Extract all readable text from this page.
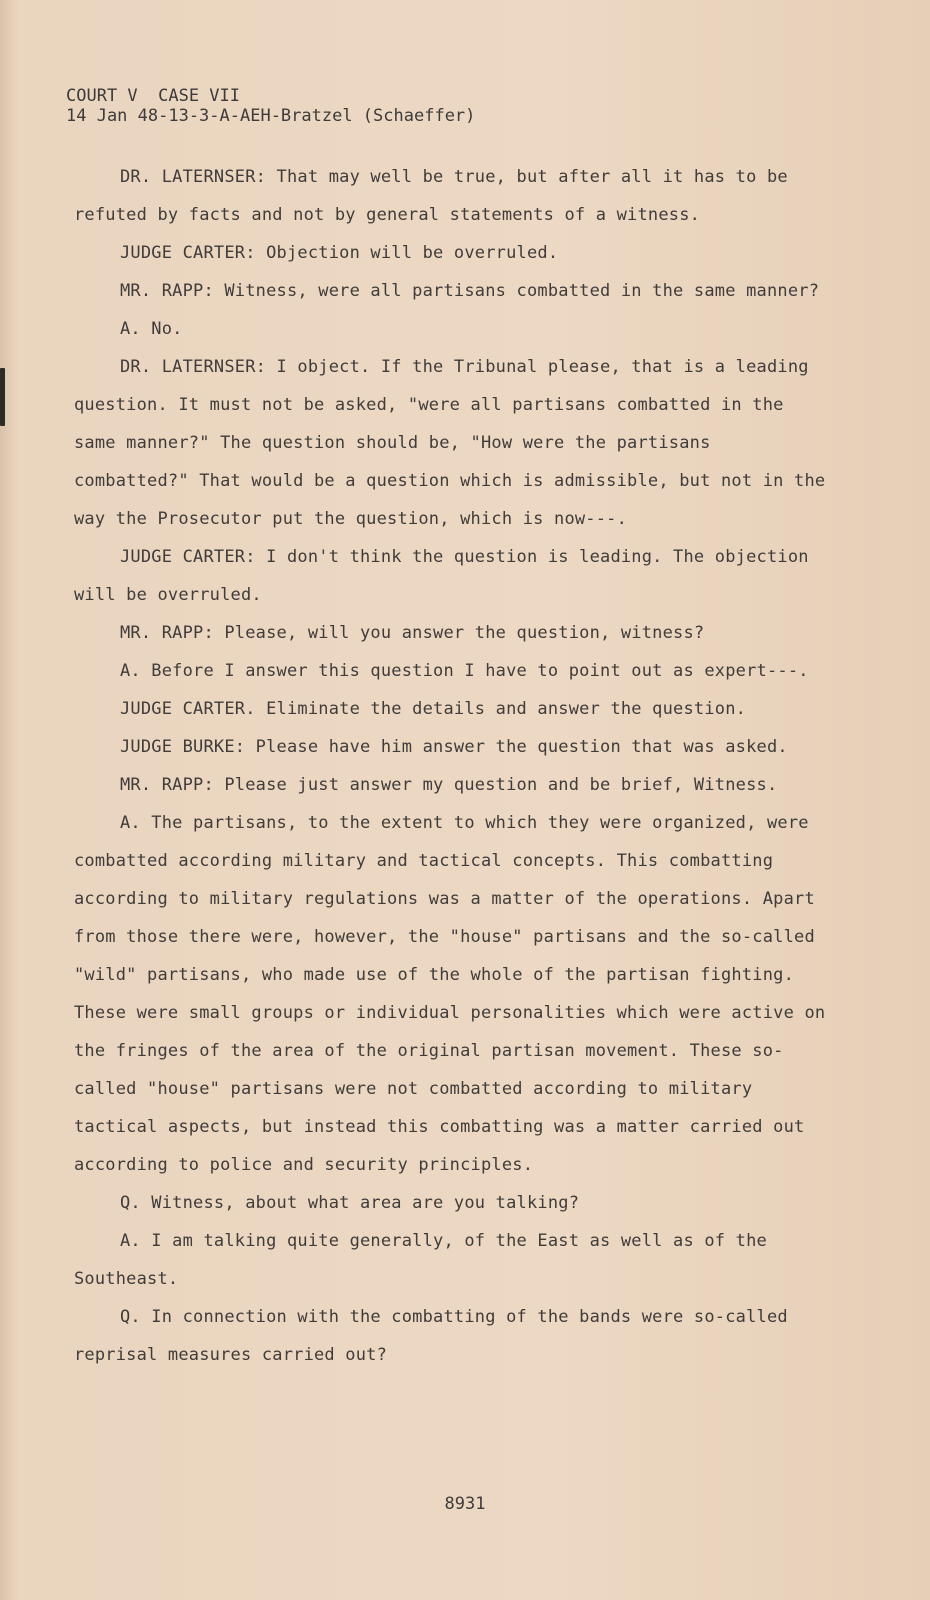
COURT V  CASE VII
14 Jan 48-13-3-A-AEH-Bratzel (Schaeffer)

DR. LATERNSER: That may well be true, but after all it has to be refuted by facts and not by general statements of a witness.

JUDGE CARTER: Objection will be overruled.

MR. RAPP: Witness, were all partisans combatted in the same manner?

A. No.

DR. LATERNSER: I object. If the Tribunal please, that is a leading question. It must not be asked, "were all partisans combatted in the same manner?" The question should be, "How were the partisans combatted?" That would be a question which is admissible, but not in the way the Prosecutor put the question, which is now---.

JUDGE CARTER: I don't think the question is leading. The objection will be overruled.

MR. RAPP: Please, will you answer the question, witness?

A. Before I answer this question I have to point out as expert---.

JUDGE CARTER. Eliminate the details and answer the question.

JUDGE BURKE: Please have him answer the question that was asked.

MR. RAPP: Please just answer my question and be brief, Witness.

A. The partisans, to the extent to which they were organized, were combatted according military and tactical concepts. This combatting according to military regulations was a matter of the operations. Apart from those there were, however, the "house" partisans and the so-called "wild" partisans, who made use of the whole of the partisan fighting. These were small groups or individual personalities which were active on the fringes of the area of the original partisan movement. These so-called "house" partisans were not combatted according to military tactical aspects, but instead this combatting was a matter carried out according to police and security principles.

Q. Witness, about what area are you talking?

A. I am talking quite generally, of the East as well as of the Southeast.

Q. In connection with the combatting of the bands were so-called reprisal measures carried out?

8931
